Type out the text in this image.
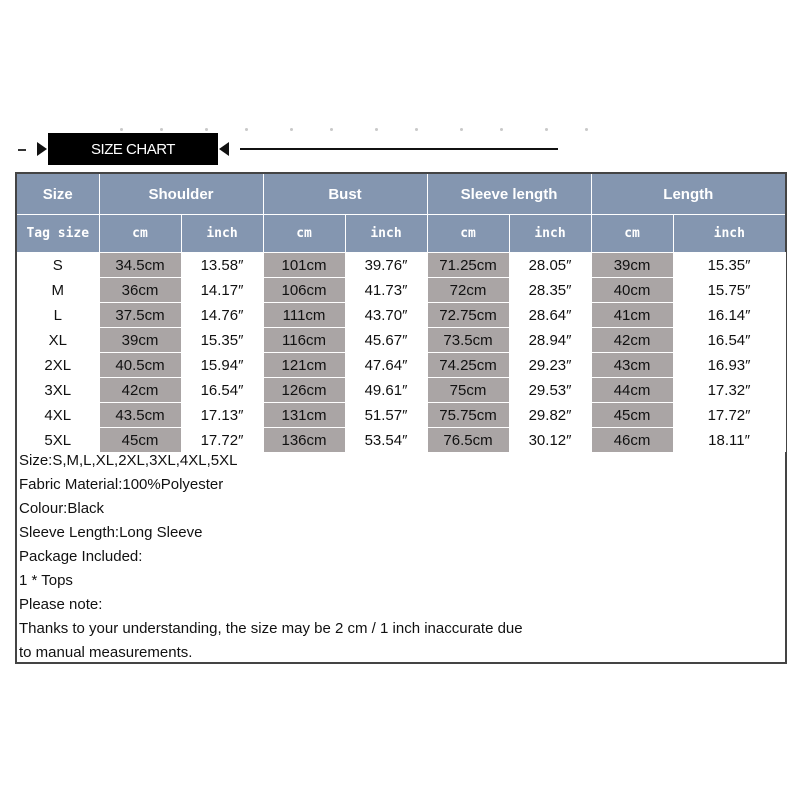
SIZE CHART
Size	Shoulder		Bust		Sleeve length		Length	
Tag size	cm	inch	cm	inch	cm	inch	cm	inch
S	34.5cm	13.58″	101cm	39.76″	71.25cm	28.05″	39cm	15.35″
M	36cm	14.17″	106cm	41.73″	72cm	28.35″	40cm	15.75″
L	37.5cm	14.76″	111cm	43.70″	72.75cm	28.64″	41cm	16.14″
XL	39cm	15.35″	116cm	45.67″	73.5cm	28.94″	42cm	16.54″
2XL	40.5cm	15.94″	121cm	47.64″	74.25cm	29.23″	43cm	16.93″
3XL	42cm	16.54″	126cm	49.61″	75cm	29.53″	44cm	17.32″
4XL	43.5cm	17.13″	131cm	51.57″	75.75cm	29.82″	45cm	17.72″
5XL	45cm	17.72″	136cm	53.54″	76.5cm	30.12″	46cm	18.11″
Size:S,M,L,XL,2XL,3XL,4XL,5XL
Fabric Material:100%Polyester
Colour:Black
Sleeve Length:Long Sleeve
Package Included:
1 * Tops
Please note:
Thanks to your understanding, the size may be 2 cm / 1 inch inaccurate due
to manual measurements.
